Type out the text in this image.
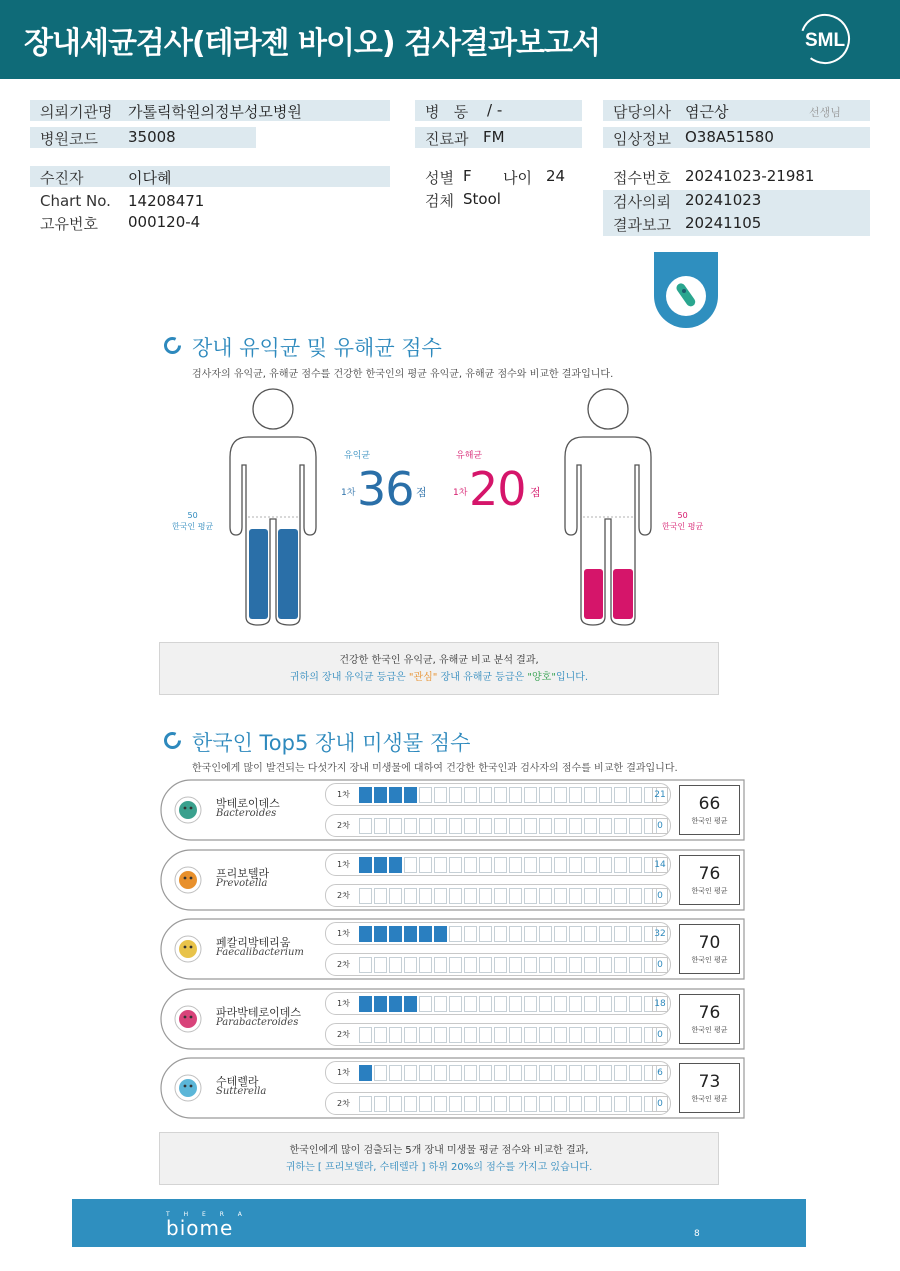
장내세균검사(테라젠 바이오) 검사결과보고서	SML
의뢰기관명 가톨릭학원의정부성모병원
병원코드 35008
수진자	이다혜
Chart No. 14208471
고유번호 000120-4
병   동 / -
진료과 FM
성별 F 나이 24
검체 Stool
담당의사 염근상	선생님
임상정보 O38A51580
접수번호 20241023-21981
검사의뢰 20241023
결과보고 20241105
장내 유익균 및 유해균 점수
검사자의 유익균, 유해균 점수를 건강한 한국인의 평균 유익균, 유해균 점수와 비교한 결과입니다.
50
한국인 평균
50
한국인 평균
유익균
1차 36 점
유해균
1차 20 점
건강한 한국인 유익균, 유해균 비교 분석 결과,
귀하의 장내 유익균 등급은 "관심" 장내 유해균 등급은 "양호"입니다.
한국인 Top5 장내 미생물 점수
한국인에게 많이 발견되는 다섯가지 장내 미생물에 대하여 건강한 한국인과 검사자의 점수를 비교한 결과입니다.
박테로이데스
Bacteroides
1차	21
2차	0
66
한국인 평균
프리보텔라
Prevotella
1차	14
2차	0
76
한국인 평균
페칼리박테리움
Faecalibacterium
1차	32
2차	0
70
한국인 평균
파라박테로이데스
Parabacteroides
1차	18
2차	0
76
한국인 평균
수테렐라
Sutterella
1차	6
2차	0
73
한국인 평균
한국인에게 많이 검출되는 5개 장내 미생물 평균 점수와 비교한 결과,
귀하는 [ 프리보텔라, 수테렐라 ] 하위 20%의 점수를 가지고 있습니다.
T H E R A
biome	8
